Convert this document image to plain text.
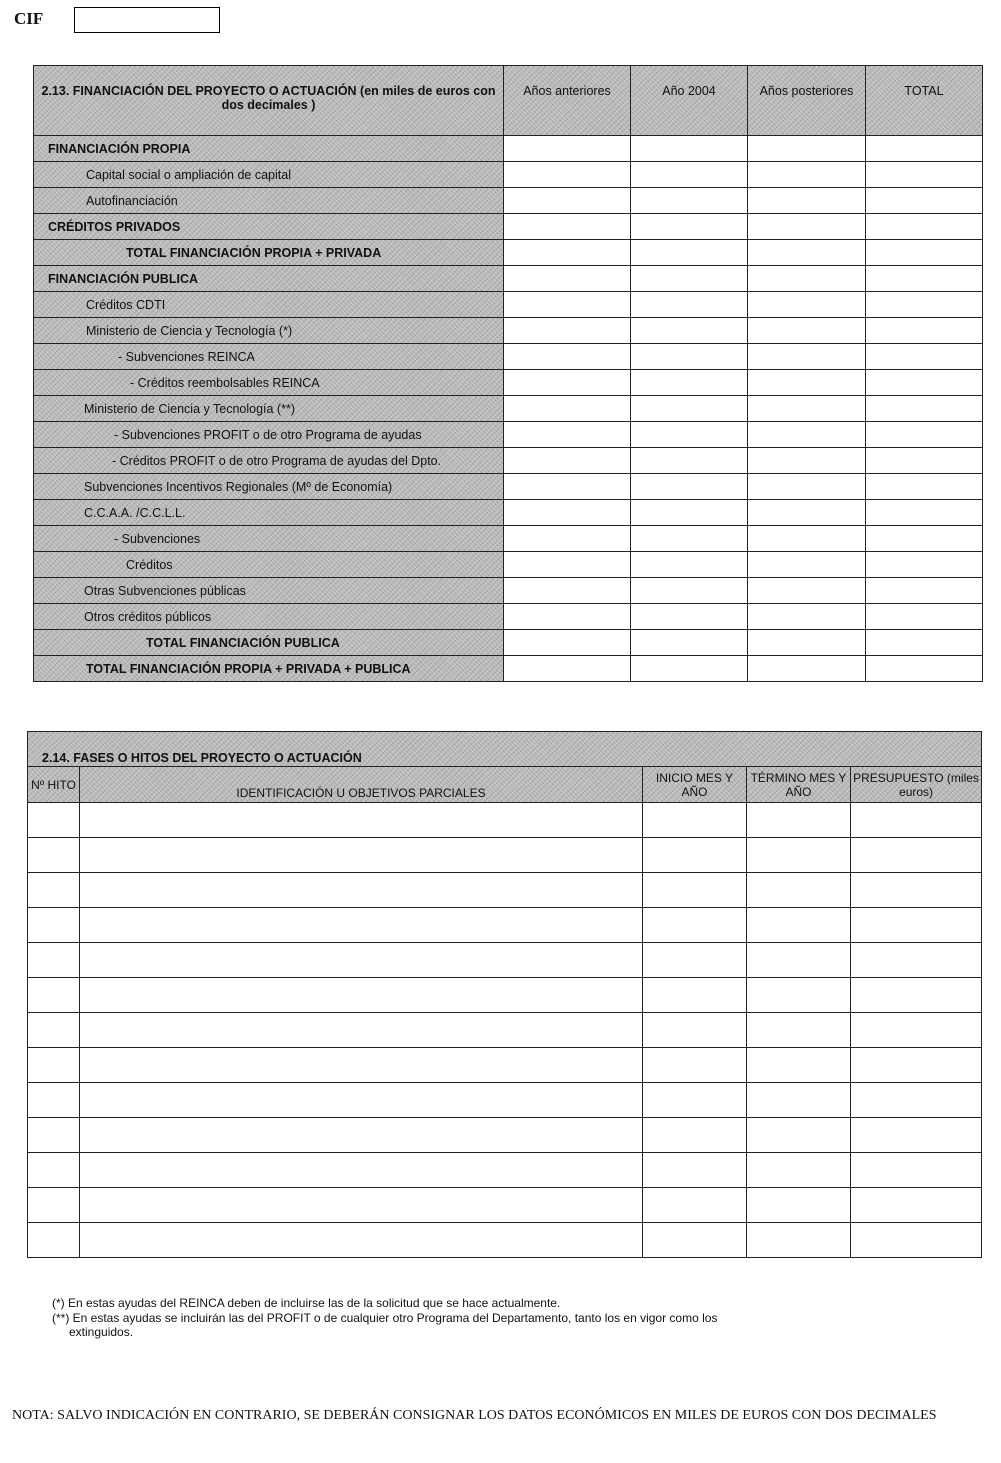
CIF
2.13. FINANCIACIÓN DEL PROYECTO O ACTUACIÓN (en miles de euros con dos decimales )	Años anteriores	Año 2004	Años posteriores	TOTAL
FINANCIACIÓN PROPIA				
Capital social o ampliación de capital				
Autofinanciación				
CRÉDITOS PRIVADOS				
TOTAL FINANCIACIÓN PROPIA + PRIVADA				
FINANCIACIÓN PUBLICA				
Créditos CDTI				
Ministerio de Ciencia y Tecnología (*)				
- Subvenciones REINCA				
- Créditos reembolsables REINCA				
Ministerio de Ciencia y Tecnología (**)				
- Subvenciones PROFIT o de otro Programa de ayudas				
- Créditos PROFIT o de otro Programa de ayudas del Dpto.				
Subvenciones Incentivos Regionales (Mº de Economía)				
C.C.A.A. /C.C.L.L.				
- Subvenciones				
Créditos				
Otras Subvenciones públicas				
Otros créditos públicos				
TOTAL FINANCIACIÓN PUBLICA				
TOTAL FINANCIACIÓN PROPIA + PRIVADA + PUBLICA				
2.14. FASES O HITOS DEL PROYECTO O ACTUACIÓN				
Nº HITO	IDENTIFICACIÓN U OBJETIVOS PARCIALES	INICIO MES Y AÑO	TÉRMINO MES Y AÑO	PRESUPUESTO (miles euros)

(*) En estas ayudas del REINCA deben de incluirse las de la solicitud que se hace actualmente.
(**) En estas ayudas se incluirán las del PROFIT o de cualquier otro Programa del Departamento, tanto los en vigor como los
extinguidos.
NOTA: SALVO INDICACIÓN EN CONTRARIO, SE DEBERÁN CONSIGNAR LOS DATOS ECONÓMICOS EN MILES DE EUROS CON DOS DECIMALES
